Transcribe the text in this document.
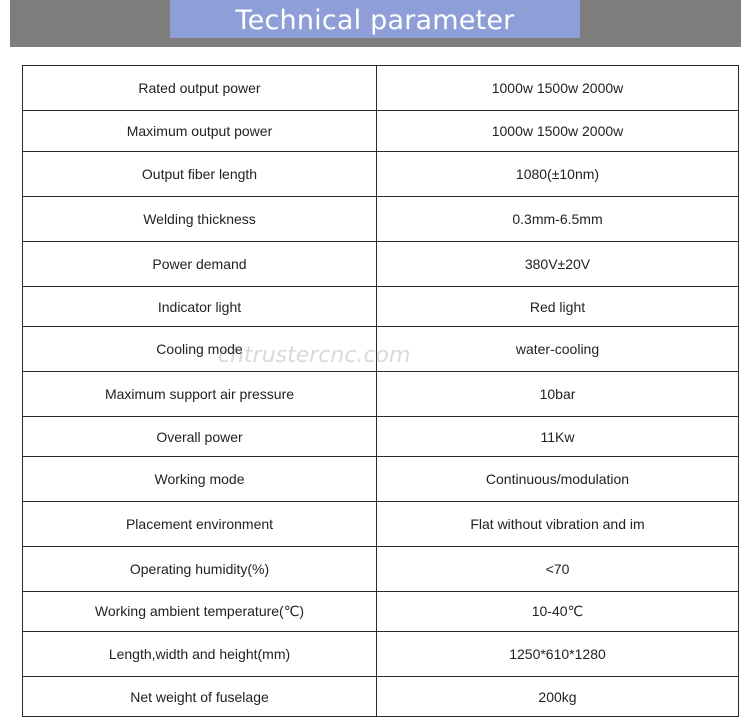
Technical parameter
Rated output power	1000w 1500w 2000w
Maximum output power	1000w 1500w 2000w
Output fiber length	1080(±10nm)
Welding thickness	0.3mm-6.5mm
Power demand	380V±20V
Indicator light	Red light
Cooling mode	water-cooling
Maximum support air pressure	10bar
Overall power	11Kw
Working mode	Continuous/modulation
Placement environment	Flat without vibration and im
Operating humidity(%)	<70
Working ambient temperature(℃)	10-40℃
Length,width and height(mm)	1250*610*1280
Net weight of fuselage	200kg
chtrustercnc.com
